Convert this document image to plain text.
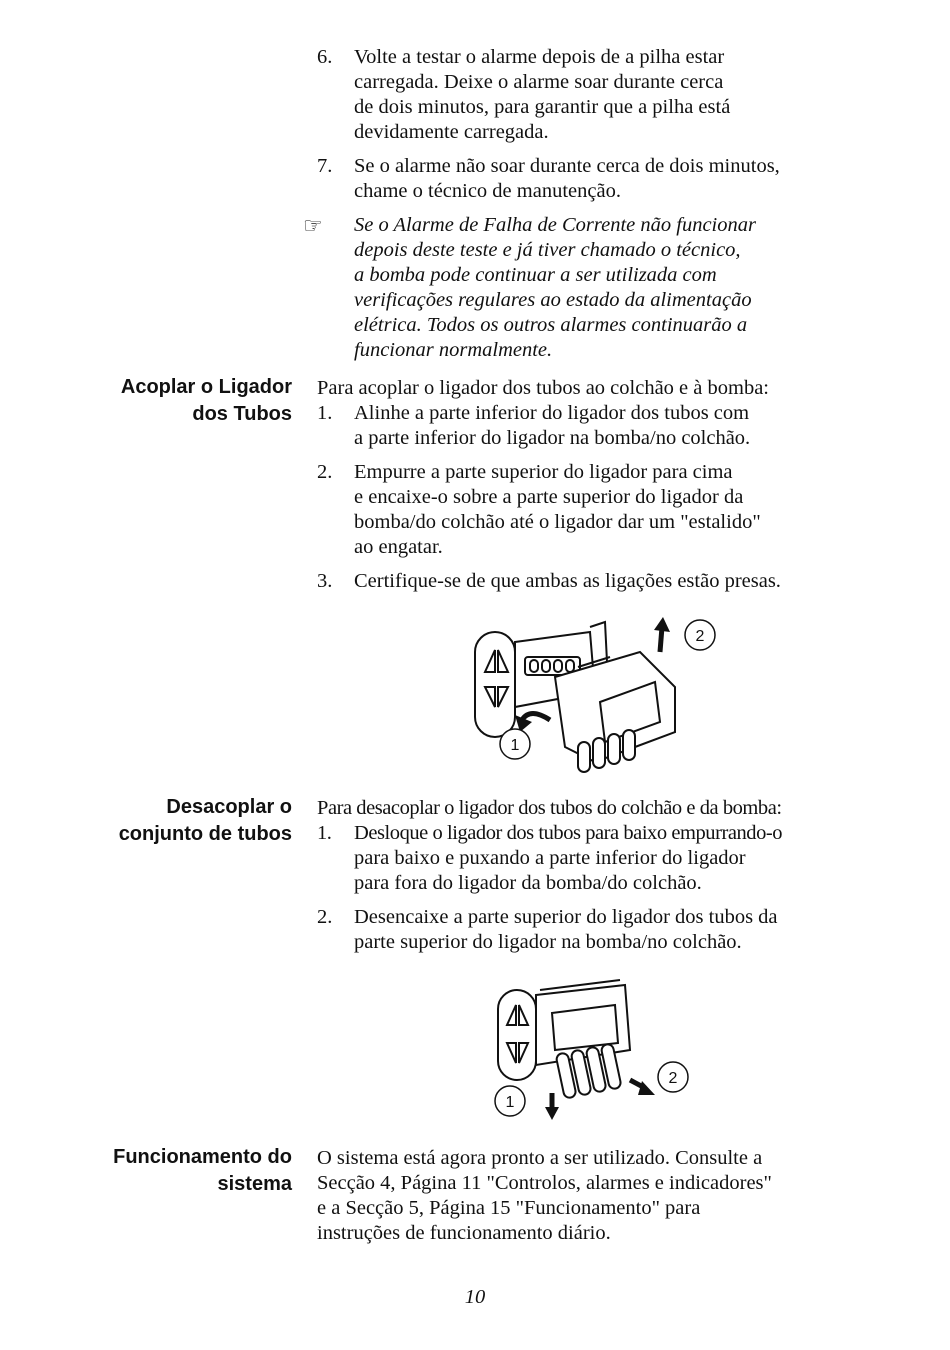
6. Volte a testar o alarme depois de a pilha estar
carregada. Deixe o alarme soar durante cerca
de dois minutos, para garantir que a pilha está
devidamente carregada.
7. Se o alarme não soar durante cerca de dois minutos,
chame o técnico de manutenção.
☞ Se o Alarme de Falha de Corrente não funcionar
depois deste teste e já tiver chamado o técnico,
a bomba pode continuar a ser utilizada com
verificações regulares ao estado da alimentação
elétrica. Todos os outros alarmes continuarão a
funcionar normalmente.
Acoplar o Ligador
dos Tubos
Para acoplar o ligador dos tubos ao colchão e à bomba:
1. Alinhe a parte inferior do ligador dos tubos com
a parte inferior do ligador na bomba/no colchão.
2. Empurre a parte superior do ligador para cima
e encaixe-o sobre a parte superior do ligador da
bomba/do colchão até o ligador dar um "estalido"
ao engatar.
3. Certifique-se de que ambas as ligações estão presas.
2
1
Desacoplar o
conjunto de tubos
Para desacoplar o ligador dos tubos do colchão e da bomba:
1. Desloque o ligador dos tubos para baixo empurrando-o
para baixo e puxando a parte inferior do ligador
para fora do ligador da bomba/do colchão.
2. Desencaixe a parte superior do ligador dos tubos da
parte superior do ligador na bomba/no colchão.
2
1
Funcionamento do
sistema
O sistema está agora pronto a ser utilizado. Consulte a
Secção 4, Página 11 "Controlos, alarmes e indicadores"
e a Secção 5, Página 15 "Funcionamento" para
instruções de funcionamento diário.
10
